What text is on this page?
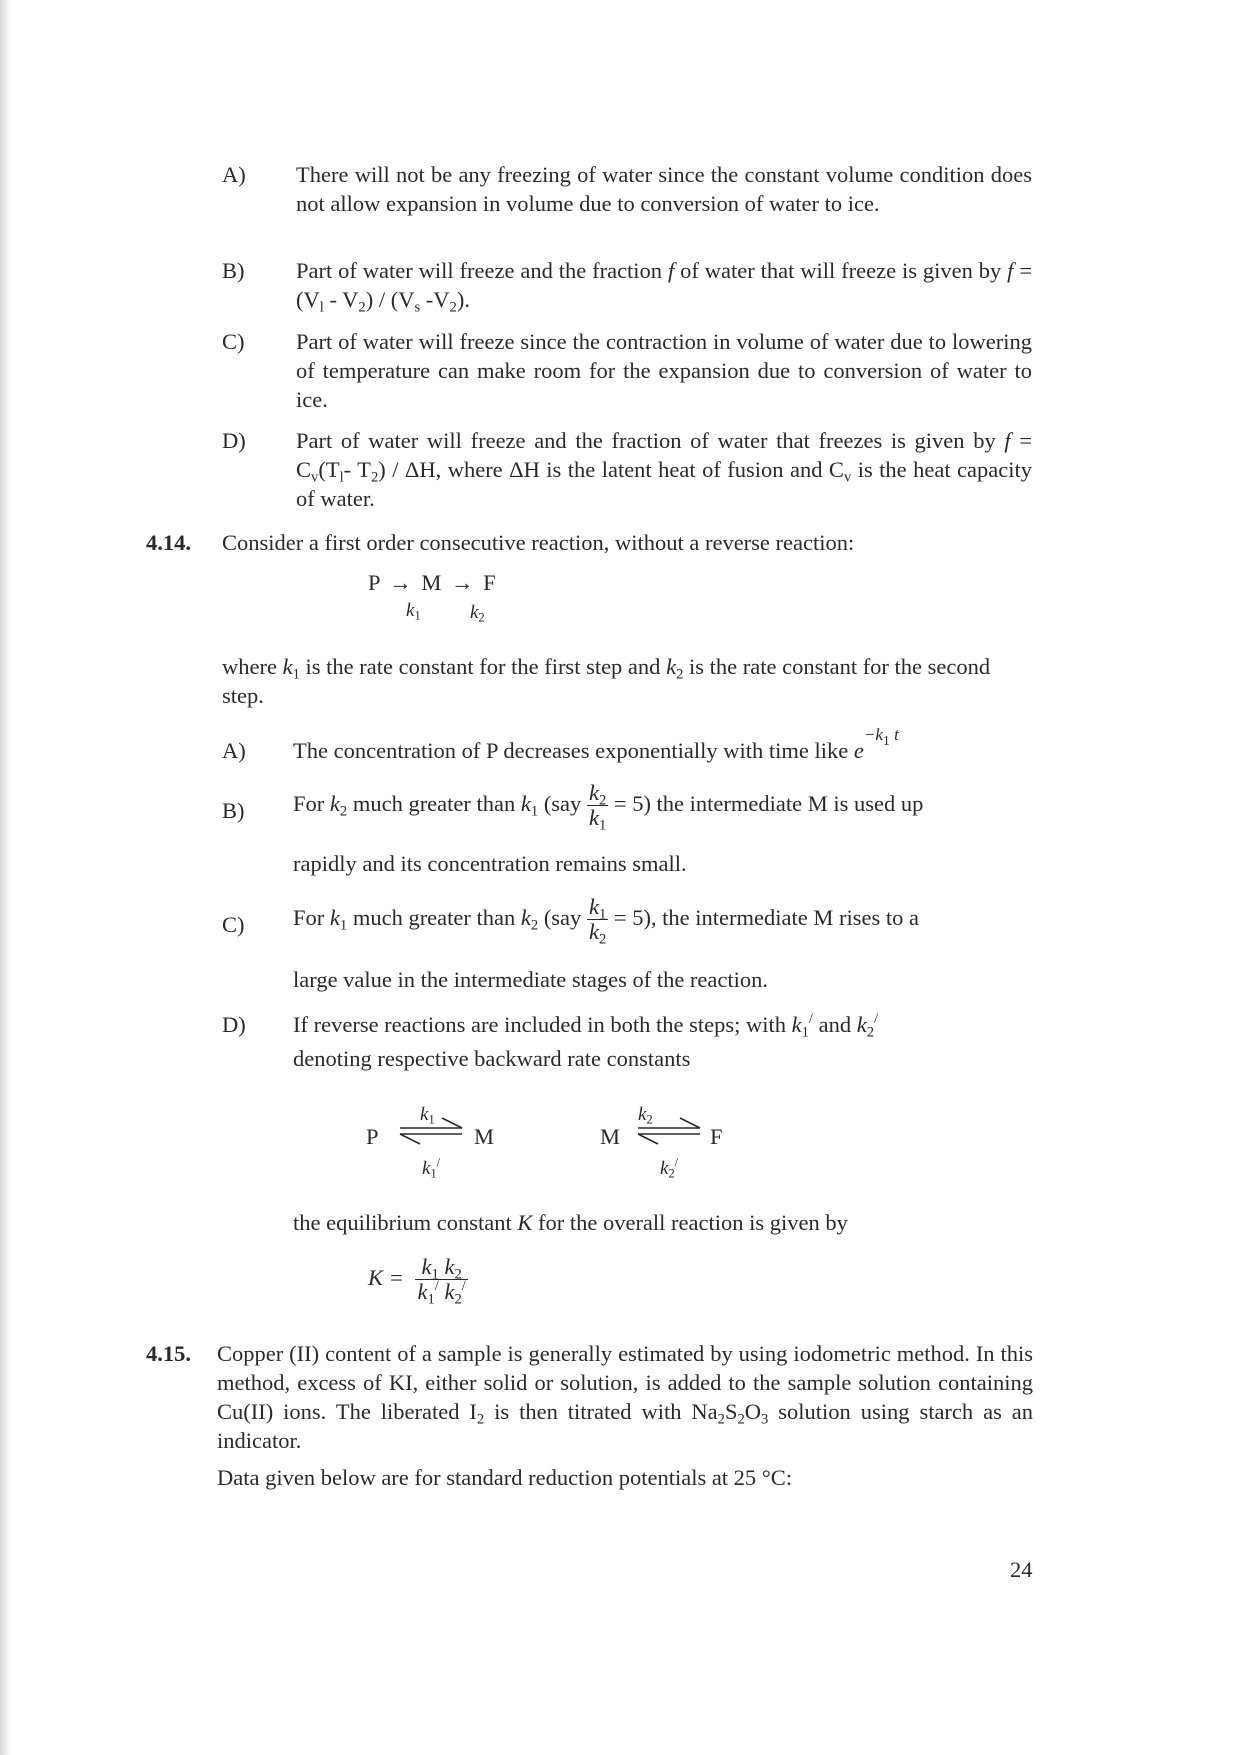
A) There will not be any freezing of water since the constant volume condition does not allow expansion in volume due to conversion of water to ice.
B) Part of water will freeze and the fraction f of water that will freeze is given by $f = (V_l - V_2) / (V_s$ $-V_2$).
C) Part of water will freeze since the contraction in volume of water due to lowering of temperature can make room for the expansion due to conversion of water to ice.
D) Part of water will freeze and the fraction of water that freezes is given by $f = C_v(T_l-$ $T_2$) / ΔH, where ΔH is the latent heat of fusion and $C_v$ is the heat capacity of water.
4.14. Consider a first order consecutive reaction, without a reverse reaction:
P → M → F
$k_1$	$k_2$
where $k_1$ is the rate constant for the first step and $k_2$ is the rate constant for the second step.
A) The concentration of P decreases exponentially with time like $e^{-k_1 t}$
B) For $k_2$ much greater than $k_1$ $(say \frac{k_2}{k_1} = 5)$ the intermediate M is used up
rapidly and its concentration remains small.
C) For $k_1$ much greater than $k_2$ $(say \frac{k_1}{k_2} = 5)$, the intermediate M rises to a
large value in the intermediate stages of the reaction.
D) If reverse reactions are included in both the steps; with $k_1^/$ and $k_2^/$
denoting respective backward rate constants
P
$k_1$
⇌ M
$k_1^/$
M
$k_2$
⇌ F
$k_2^/$
the equilibrium constant K for the overall reaction is given by
$K = \frac{k_1 k_2}{k_1^/ k_2^/}$
4.15. Copper (II) content of a sample is generally estimated by using iodometric method. In this method, excess of KI, either solid or solution, is added to the sample solution containing Cu(II) ions. The liberated $I_2$ is then titrated with $Na_2S_2O_3$ solution using starch as an indicator.
Data given below are for standard reduction potentials at 25 °C:
24
